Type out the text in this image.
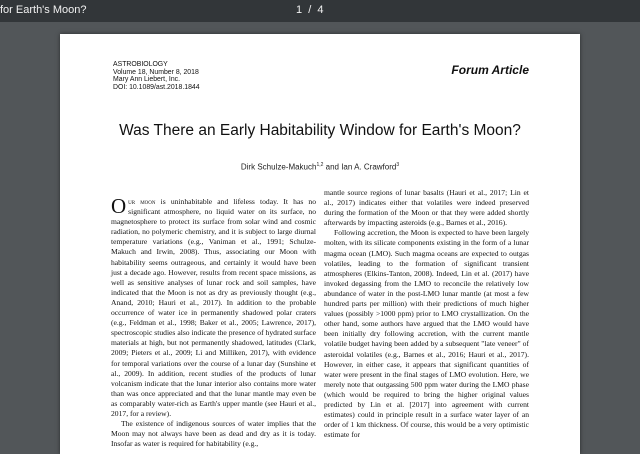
for Earth's Moon?	1 / 4
ASTROBIOLOGY
Volume 18, Number 8, 2018
Mary Ann Liebert, Inc.
DOI: 10.1089/ast.2018.1844
Forum Article
Was There an Early Habitability Window for Earth's Moon?
Dirk Schulze-Makuch$^{1,2}$ and Ian A. Crawford$^3$

Our moon is uninhabitable and lifeless today. It has no significant atmosphere, no liquid water on its surface, no magnetosphere to protect its surface from solar wind and cosmic radiation, no polymeric chemistry, and it is subject to large diurnal temperature variations (e.g., Vaniman et al., 1991; Schulze-Makuch and Irwin, 2008). Thus, associating our Moon with habitability seems outrageous, and certainly it would have been just a decade ago. However, results from recent space missions, as well as sensitive analyses of lunar rock and soil samples, have indicated that the Moon is not as dry as previously thought (e.g., Anand, 2010; Hauri et al., 2017). In addition to the probable occurrence of water ice in permanently shadowed polar craters (e.g., Feldman et al., 1998; Baker et al., 2005; Lawrence, 2017), spectroscopic studies also indicate the presence of hydrated surface materials at high, but not permanently shadowed, latitudes (Clark, 2009; Pieters et al., 2009; Li and Milliken, 2017), with evidence for temporal variations over the course of a lunar day (Sunshine et al., 2009). In addition, recent studies of the products of lunar volcanism indicate that the lunar interior also contains more water than was once appreciated and that the lunar mantle may even be as comparably water-rich as Earth's upper mantle (see Hauri et al., 2017, for a review).

The existence of indigenous sources of water implies that the Moon may not always have been as dead and dry as it is today. Insofar as water is required for habitability (e.g.,

mantle source regions of lunar basalts (Hauri et al., 2017; Lin et al., 2017) indicates either that volatiles were indeed preserved during the formation of the Moon or that they were added shortly afterwards by impacting asteroids (e.g., Barnes et al., 2016).

Following accretion, the Moon is expected to have been largely molten, with its silicate components existing in the form of a lunar magma ocean (LMO). Such magma oceans are expected to outgas volatiles, leading to the formation of significant transient atmospheres (Elkins-Tanton, 2008). Indeed, Lin et al. (2017) have invoked degassing from the LMO to reconcile the relatively low abundance of water in the post-LMO lunar mantle (at most a few hundred parts per million) with their predictions of much higher values (possibly >1000 ppm) prior to LMO crystallization. On the other hand, some authors have argued that the LMO would have been initially dry following accretion, with the current mantle volatile budget having been added by a subsequent "late veneer" of asteroidal volatiles (e.g., Barnes et al., 2016; Hauri et al., 2017). However, in either case, it appears that significant quantities of water were present in the final stages of LMO evolution. Here, we merely note that outgassing 500 ppm water during the LMO phase (which would be required to bring the higher original values predicted by Lin et al. [2017] into agreement with current estimates) could in principle result in a surface water layer of an order of 1 km thickness. Of course, this would be a very optimistic estimate for
